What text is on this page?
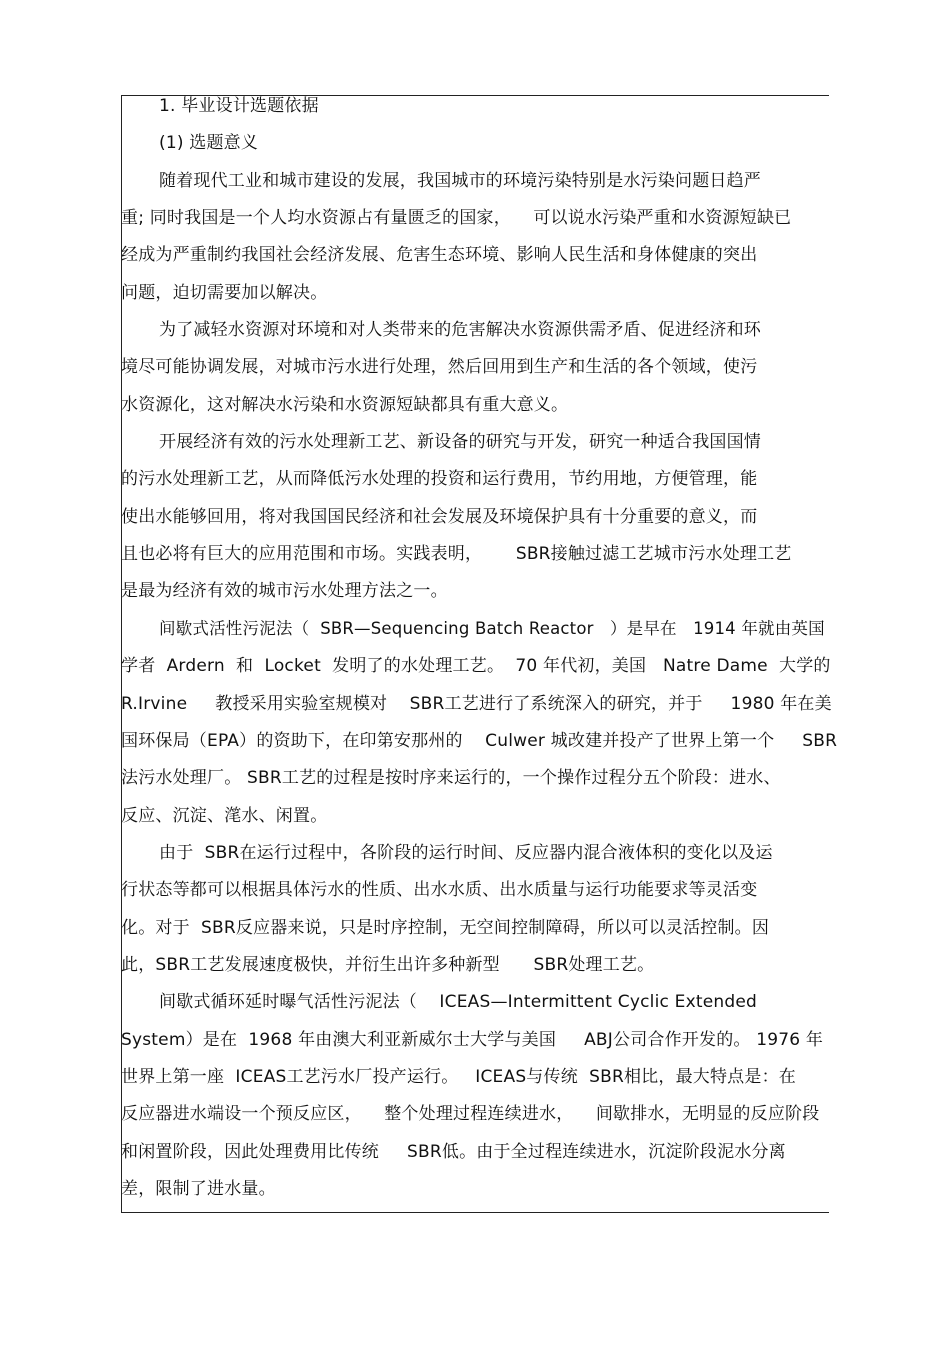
1. 毕业设计选题依据
(1) 选题意义
随着现代工业和城市建设的发展，我国城市的环境污染特别是水污染问题日趋严
重; 同时我国是一个人均水资源占有量匮乏的国家，    可以说水污染严重和水资源短缺已
经成为严重制约我国社会经济发展、危害生态环境、影响人民生活和身体健康的突出
问题，迫切需要加以解决。
为了减轻水资源对环境和对人类带来的危害解决水资源供需矛盾、促进经济和环
境尽可能协调发展，对城市污水进行处理，然后回用到生产和生活的各个领域，使污
水资源化，这对解决水污染和水资源短缺都具有重大意义。
开展经济有效的污水处理新工艺、新设备的研究与开发，研究一种适合我国国情
的污水处理新工艺，从而降低污水处理的投资和运行费用，节约用地，方便管理，能
使出水能够回用，将对我国国民经济和社会发展及环境保护具有十分重要的意义，而
且也必将有巨大的应用范围和市场。实践表明，      SBR接触过滤工艺城市污水处理工艺
是最为经济有效的城市污水处理方法之一。
间歇式活性污泥法（  SBR—Sequencing Batch Reactor   ）是早在   1914 年就由英国
学者  Ardern  和  Locket  发明了的水处理工艺。  70 年代初，美国   Natre Dame  大学的
R.Irvine     教授采用实验室规模对    SBR工艺进行了系统深入的研究，并于     1980 年在美
国环保局（EPA）的资助下，在印第安那州的    Culwer 城改建并投产了世界上第一个     SBR
法污水处理厂。 SBR工艺的过程是按时序来运行的，一个操作过程分五个阶段：进水、
反应、沉淀、滗水、闲置。
由于  SBR在运行过程中，各阶段的运行时间、反应器内混合液体积的变化以及运
行状态等都可以根据具体污水的性质、出水水质、出水质量与运行功能要求等灵活变
化。对于  SBR反应器来说，只是时序控制，无空间控制障碍，所以可以灵活控制。因
此，SBR工艺发展速度极快，并衍生出许多种新型      SBR处理工艺。
间歇式循环延时曝气活性污泥法（    ICEAS—Intermittent Cyclic Extended
System）是在  1968 年由澳大利亚新威尔士大学与美国     ABJ公司合作开发的。 1976 年
世界上第一座  ICEAS工艺污水厂投产运行。   ICEAS与传统  SBR相比，最大特点是：在
反应器进水端设一个预反应区，    整个处理过程连续进水，    间歇排水，无明显的反应阶段
和闲置阶段，因此处理费用比传统     SBR低。由于全过程连续进水，沉淀阶段泥水分离
差，限制了进水量。
